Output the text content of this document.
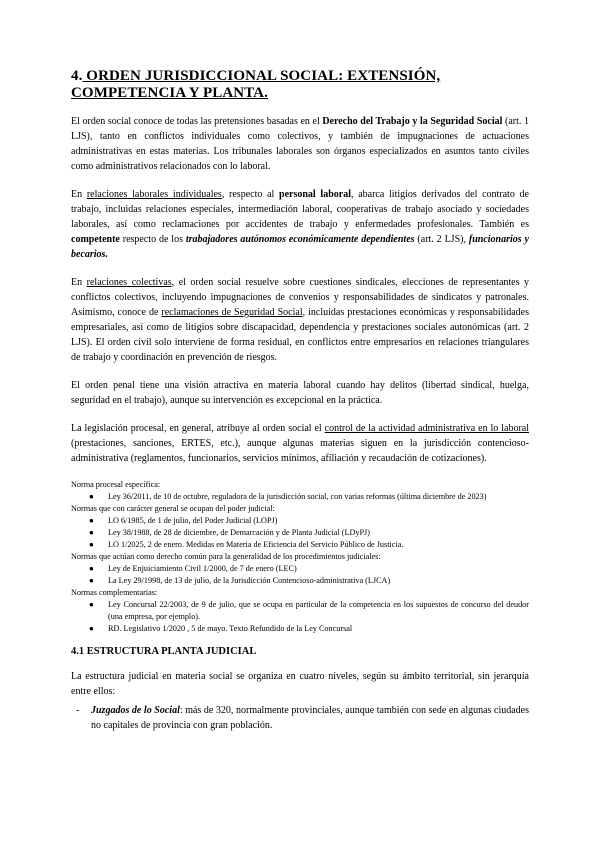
4. ORDEN JURISDICCIONAL SOCIAL: EXTENSIÓN, COMPETENCIA Y PLANTA.

El orden social conoce de todas las pretensiones basadas en el Derecho del Trabajo y la Seguridad Social (art. 1 LJS), tanto en conflictos individuales como colectivos, y también de impugnaciones de actuaciones administrativas en estas materias. Los tribunales laborales son órganos especializados en asuntos tanto civiles como administrativos relacionados con lo laboral.

En relaciones laborales individuales, respecto al personal laboral, abarca litigios derivados del contrato de trabajo, incluidas relaciones especiales, intermediación laboral, cooperativas de trabajo asociado y sociedades laborales, así como reclamaciones por accidentes de trabajo y enfermedades profesionales. También es competente respecto de los trabajadores autónomos económicamente dependientes (art. 2 LJS), funcionarios y becarios.

En relaciones colectivas, el orden social resuelve sobre cuestiones sindicales, elecciones de representantes y conflictos colectivos, incluyendo impugnaciones de convenios y responsabilidades de sindicatos y patronales. Asimismo, conoce de reclamaciones de Seguridad Social, incluidas prestaciones económicas y responsabilidades empresariales, así como de litigios sobre discapacidad, dependencia y prestaciones sociales autonómicas (art. 2 LJS). El orden civil solo interviene de forma residual, en conflictos entre empresarios en relaciones triangulares de trabajo y coordinación en prevención de riesgos.

El orden penal tiene una visión atractiva en materia laboral cuando hay delitos (libertad sindical, huelga, seguridad en el trabajo), aunque su intervención es excepcional en la práctica.

La legislación procesal, en general, atribuye al orden social el control de la actividad administrativa en lo laboral (prestaciones, sanciones, ERTES, etc.), aunque algunas materias siguen en la jurisdicción contencioso-administrativa (reglamentos, funcionarios, servicios mínimos, afiliación y recaudación de cotizaciones).

Norma procesal específica:

● Ley 36/2011, de 10 de octubre, reguladora de la jurisdicción social, con varias reformas (última diciembre de 2023)

Normas que con carácter general se ocupan del poder judicial:

● LO 6/1985, de 1 de julio, del Poder Judicial (LOPJ)
● Ley 38/1988, de 28 de diciembre, de Demarcación y de Planta Judicial (LDyPJ)
● LO 1/2025, 2 de enero. Medidas en Materia de Eficiencia del Servicio Público de Justicia.

Normas que actúan como derecho común para la generalidad de los procedimientos judiciales:

● Ley de Enjuiciamiento Civil 1/2000, de 7 de enero (LEC)
● La Ley 29/1998, de 13 de julio, de la Jurisdicción Contencioso-administrativa (LJCA)

Normas complementarias:

● Ley Concursal 22/2003, de 9 de julio, que se ocupa en particular de la competencia en los supuestos de concurso del deudor (una empresa, por ejemplo).
● RD. Legislativo 1/2020 , 5 de mayo. Texto Refundido de la Ley Concursal
4.1 ESTRUCTURA PLANTA JUDICIAL

La estructura judicial en materia social se organiza en cuatro niveles, según su ámbito territorial, sin jerarquía entre ellos:

- Juzgados de lo Social: más de 320, normalmente provinciales, aunque también con sede en algunas ciudades no capitales de provincia con gran población.
